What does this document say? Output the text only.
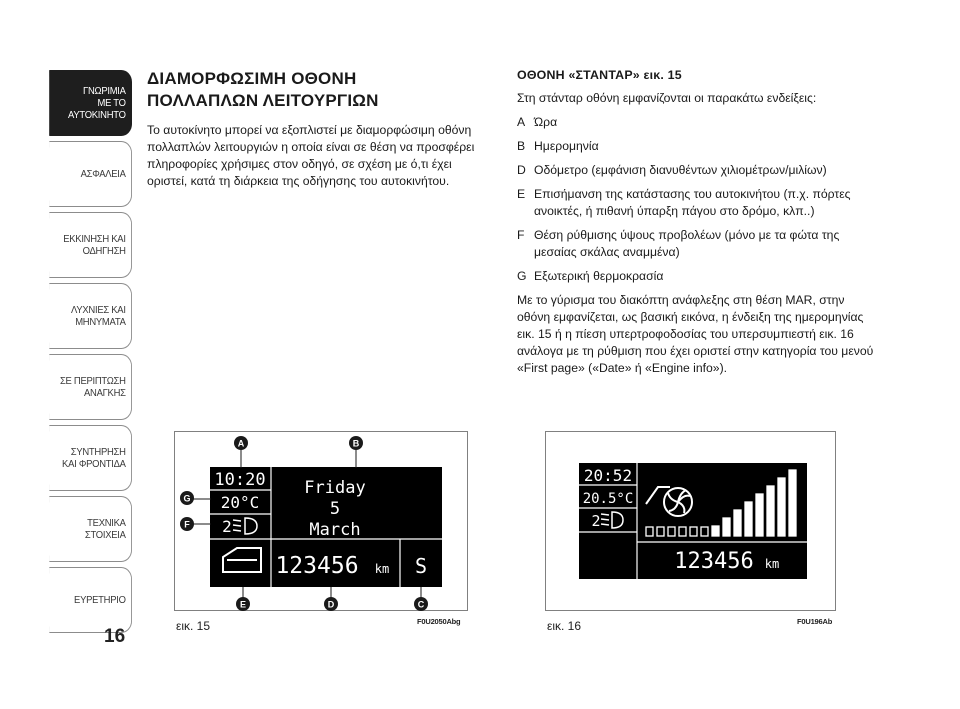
ΓΝΩΡΙΜΙΑ
ΜΕ ΤΟ
ΑΥΤΟΚΙΝΗΤΟ
ΑΣΦΑΛΕΙΑ
ΕΚΚΙΝΗΣΗ ΚΑΙ
ΟΔΗΓΗΣΗ
ΛΥΧΝΙΕΣ ΚΑΙ
ΜΗΝΥΜΑΤΑ
ΣΕ ΠΕΡΙΠΤΩΣΗ
ΑΝΑΓΚΗΣ
ΣΥΝΤΗΡΗΣΗ
ΚΑΙ ΦΡΟΝΤΙΔΑ
ΤΕΧΝΙΚΑ
ΣΤΟΙΧΕΙΑ
ΕΥΡΕΤΗΡΙΟ
16
ΔΙΑΜΟΡΦΩΣΙΜΗ ΟΘΟΝΗ
ΠΟΛΛΑΠΛΩΝ ΛΕΙΤΟΥΡΓΙΩΝ

Το αυτοκίνητο μπορεί να εξοπλιστεί με διαμορφώσιμη οθόνη πολλαπλών λειτουργιών η οποία είναι σε θέση να προσφέρει πληροφορίες χρήσιμες στον οδηγό, σε σχέση με ό,τι έχει οριστεί, κατά τη διάρκεια της οδήγησης του αυτοκινήτου.

ΟΘΟΝΗ «ΣΤΑΝΤΑΡ» εικ. 15
Στη στάνταρ οθόνη εμφανίζονται οι παρακάτω ενδείξεις:
A Ώρα
B Ημερομηνία
D Οδόμετρο (εμφάνιση διανυθέντων χιλιομέτρων/μιλίων)
E Επισήμανση της κατάστασης του αυτοκινήτου (π.χ. πόρτες ανοικτές, ή πιθανή ύπαρξη πάγου στο δρόμο, κλπ..)
F Θέση ρύθμισης ύψους προβολέων (μόνο με τα φώτα της μεσαίας σκάλας αναμμένα)
G Εξωτερική θερμοκρασία
Με το γύρισμα του διακόπτη ανάφλεξης στη θέση MAR, στην οθόνη εμφανίζεται, ως βασική εικόνα, η ένδειξη της ημερομηνίας εικ. 15 ή η πίεση υπερτροφοδοσίας του υπερσυμπιεστή εικ. 16 ανάλογα με τη ρύθμιση που έχει οριστεί στην κατηγορία του μενού «First page» («Date» ή «Engine info»).
10:20
20°C
2
Friday
5
March
123456 km S
A	B
G
F
E	D	C
εικ. 15	F0U2050Abg
20:52
20.5°C
2
123456 km
εικ. 16	F0U196Ab
